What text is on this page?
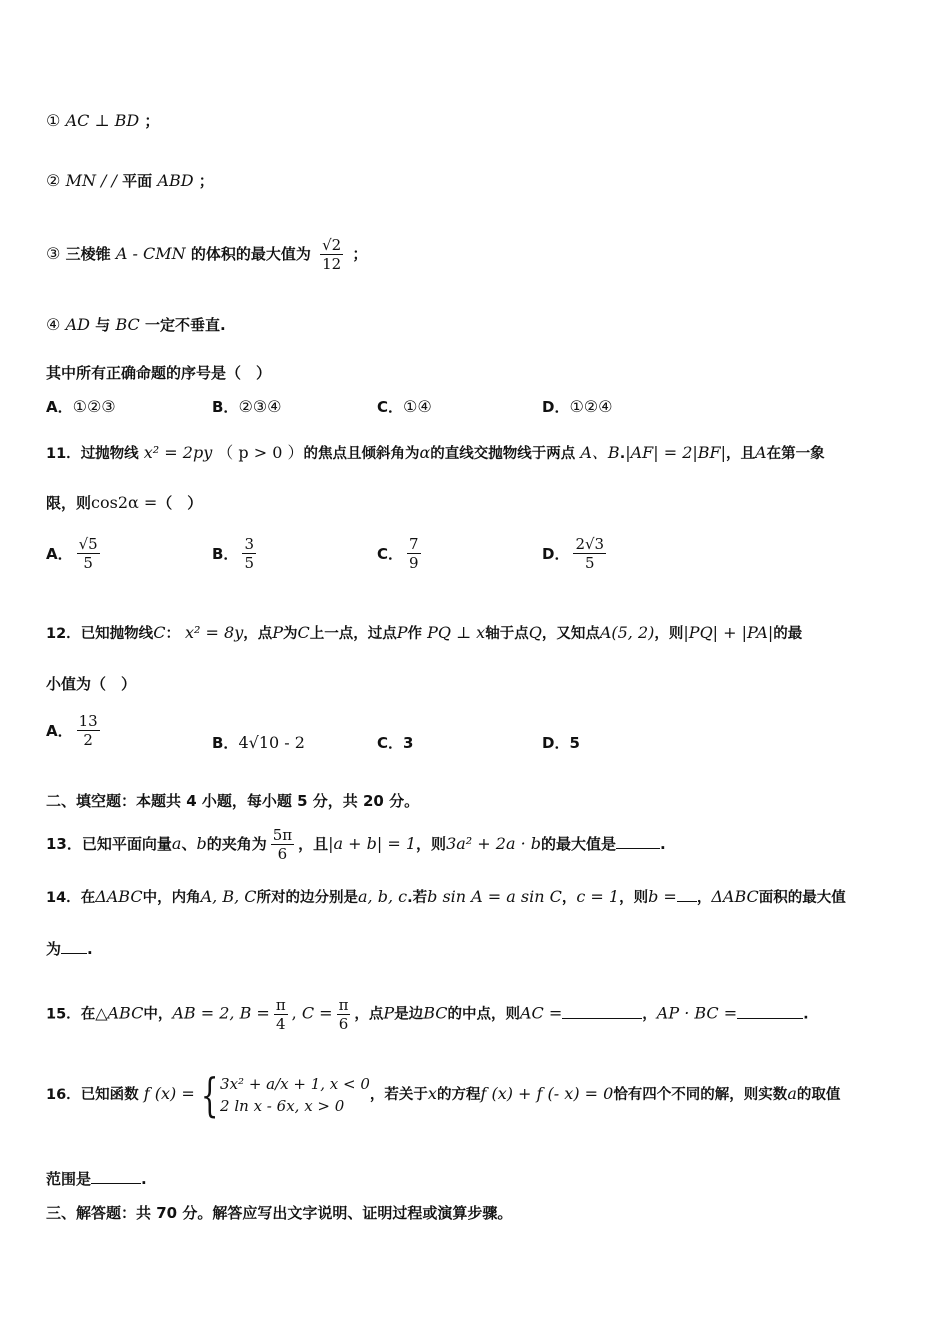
① AC ⊥ BD ；
② MN / / 平面 ABD ；
③ 三棱锥 A - CMN 的体积的最大值为 $\frac{√2}{12}$ ；
④ AD 与 BC 一定不垂直.
其中所有正确命题的序号是（　）
A．①②③	B．②③④	C．①④	D．①②④
11．过抛物线 x² = 2py （ p > 0 ）的焦点且倾斜角为α的直线交抛物线于两点 A、B.|AF| = 2|BF|，且A在第一象
限，则cos2α =（　）
A． $\frac{√5}{5}$	B． $\frac{3}{5}$	C． $\frac{7}{9}$	D． $\frac{2√3}{5}$
12．已知抛物线C： x² = 8y，点P为C上一点，过点P作 PQ ⊥ x轴于点Q，又知点A(5, 2)，则|PQ| + |PA|的最
小值为（　）
A． $\frac{13}{2}$	B．4√10 - 2	C．3	D．5
二、填空题：本题共 4 小题，每小题 5 分，共 20 分。
13．已知平面向量a、b的夹角为 $\frac{5\pi}{6}$ ，且|a + b| = 1，则3a² + 2a · b的最大值是	.
14．在ΔABC中，内角A, B, C所对的边分别是a, b, c.若b sin A = a sin C，c = 1，则b = ，ΔABC面积的最大值
为 .
15．在△ABC中，AB = 2, $B = \frac{\pi}{4}$ , $C = \frac{\pi}{6}$ ，点P是边BC的中点，则AC =	，AP · BC =	.
16．已知函数 f (x) = { 3x² + a/x + 1, x < 0
2 ln x - 6x, x > 0
，若关于x的方程f (x) + f (- x) = 0恰有四个不同的解，则实数a的取值
范围是	.
三、解答题：共 70 分。解答应写出文字说明、证明过程或演算步骤。
